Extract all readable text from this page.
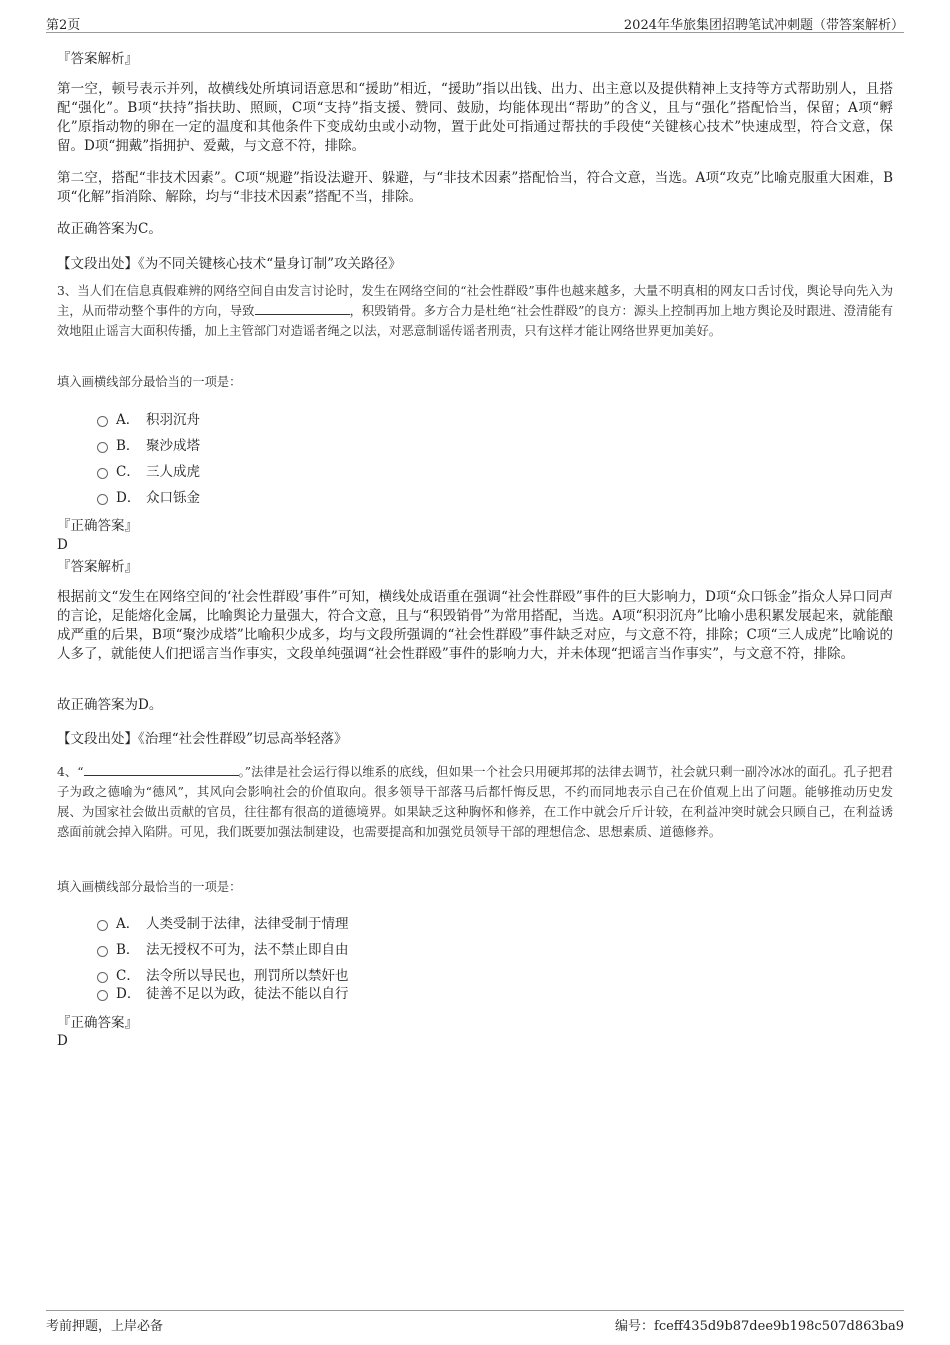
第2页	2024年华旅集团招聘笔试冲刺题（带答案解析）
『答案解析』

第一空，顿号表示并列，故横线处所填词语意思和“援助”相近，“援助”指以出钱、出力、出主意以及提供精神上支持等方式帮助别人，且搭配“强化”。B项“扶持”指扶助、照顾，C项“支持”指支援、赞同、鼓励，均能体现出“帮助”的含义，且与“强化”搭配恰当，保留；A项“孵化”原指动物的卵在一定的温度和其他条件下变成幼虫或小动物，置于此处可指通过帮扶的手段使“关键核心技术”快速成型，符合文意，保留。D项“拥戴”指拥护、爱戴，与文意不符，排除。

第二空，搭配“非技术因素”。C项“规避”指设法避开、躲避，与“非技术因素”搭配恰当，符合文意，当选。A项“攻克”比喻克服重大困难，B项“化解”指消除、解除，均与“非技术因素”搭配不当，排除。

故正确答案为C。

【文段出处】《为不同关键核心技术“量身订制”攻关路径》

3、当人们在信息真假难辨的网络空间自由发言讨论时，发生在网络空间的“社会性群殴”事件也越来越多，大量不明真相的网友口舌讨伐，舆论导向先入为主，从而带动整个事件的方向，导致	，积毁销骨。多方合力是杜绝“社会性群殴”的良方：源头上控制再加上地方舆论及时跟进、澄清能有效地阻止谣言大面积传播，加上主管部门对造谣者绳之以法，对恶意制谣传谣者刑责，只有这样才能让网络世界更加美好。

填入画横线部分最恰当的一项是：

A． 积羽沉舟
B． 聚沙成塔
C． 三人成虎
D． 众口铄金
『正确答案』
D
『答案解析』

根据前文“发生在网络空间的‘社会性群殴’事件”可知，横线处成语重在强调“社会性群殴”事件的巨大影响力，D项“众口铄金”指众人异口同声的言论，足能熔化金属，比喻舆论力量强大，符合文意，且与“积毁销骨”为常用搭配，当选。A项“积羽沉舟”比喻小患积累发展起来，就能酿成严重的后果，B项“聚沙成塔”比喻积少成多，均与文段所强调的“社会性群殴”事件缺乏对应，与文意不符，排除；C项“三人成虎”比喻说的人多了，就能使人们把谣言当作事实，文段单纯强调“社会性群殴”事件的影响力大，并未体现“把谣言当作事实”，与文意不符，排除。

故正确答案为D。

【文段出处】《治理“社会性群殴”切忌高举轻落》

4、“	。”法律是社会运行得以维系的底线，但如果一个社会只用硬邦邦的法律去调节，社会就只剩一副冷冰冰的面孔。孔子把君子为政之德喻为“德风”，其风向会影响社会的价值取向。很多领导干部落马后都忏悔反思，不约而同地表示自己在价值观上出了问题。能够推动历史发展、为国家社会做出贡献的官员，往往都有很高的道德境界。如果缺乏这种胸怀和修养，在工作中就会斤斤计较，在利益冲突时就会只顾自己，在利益诱惑面前就会掉入陷阱。可见，我们既要加强法制建设，也需要提高和加强党员领导干部的理想信念、思想素质、道德修养。

填入画横线部分最恰当的一项是：

A． 人类受制于法律，法律受制于情理
B． 法无授权不可为，法不禁止即自由
C． 法令所以导民也，刑罚所以禁奸也
D． 徒善不足以为政，徒法不能以自行
『正确答案』
D
考前押题，上岸必备	编号：fceff435d9b87dee9b198c507d863ba9
